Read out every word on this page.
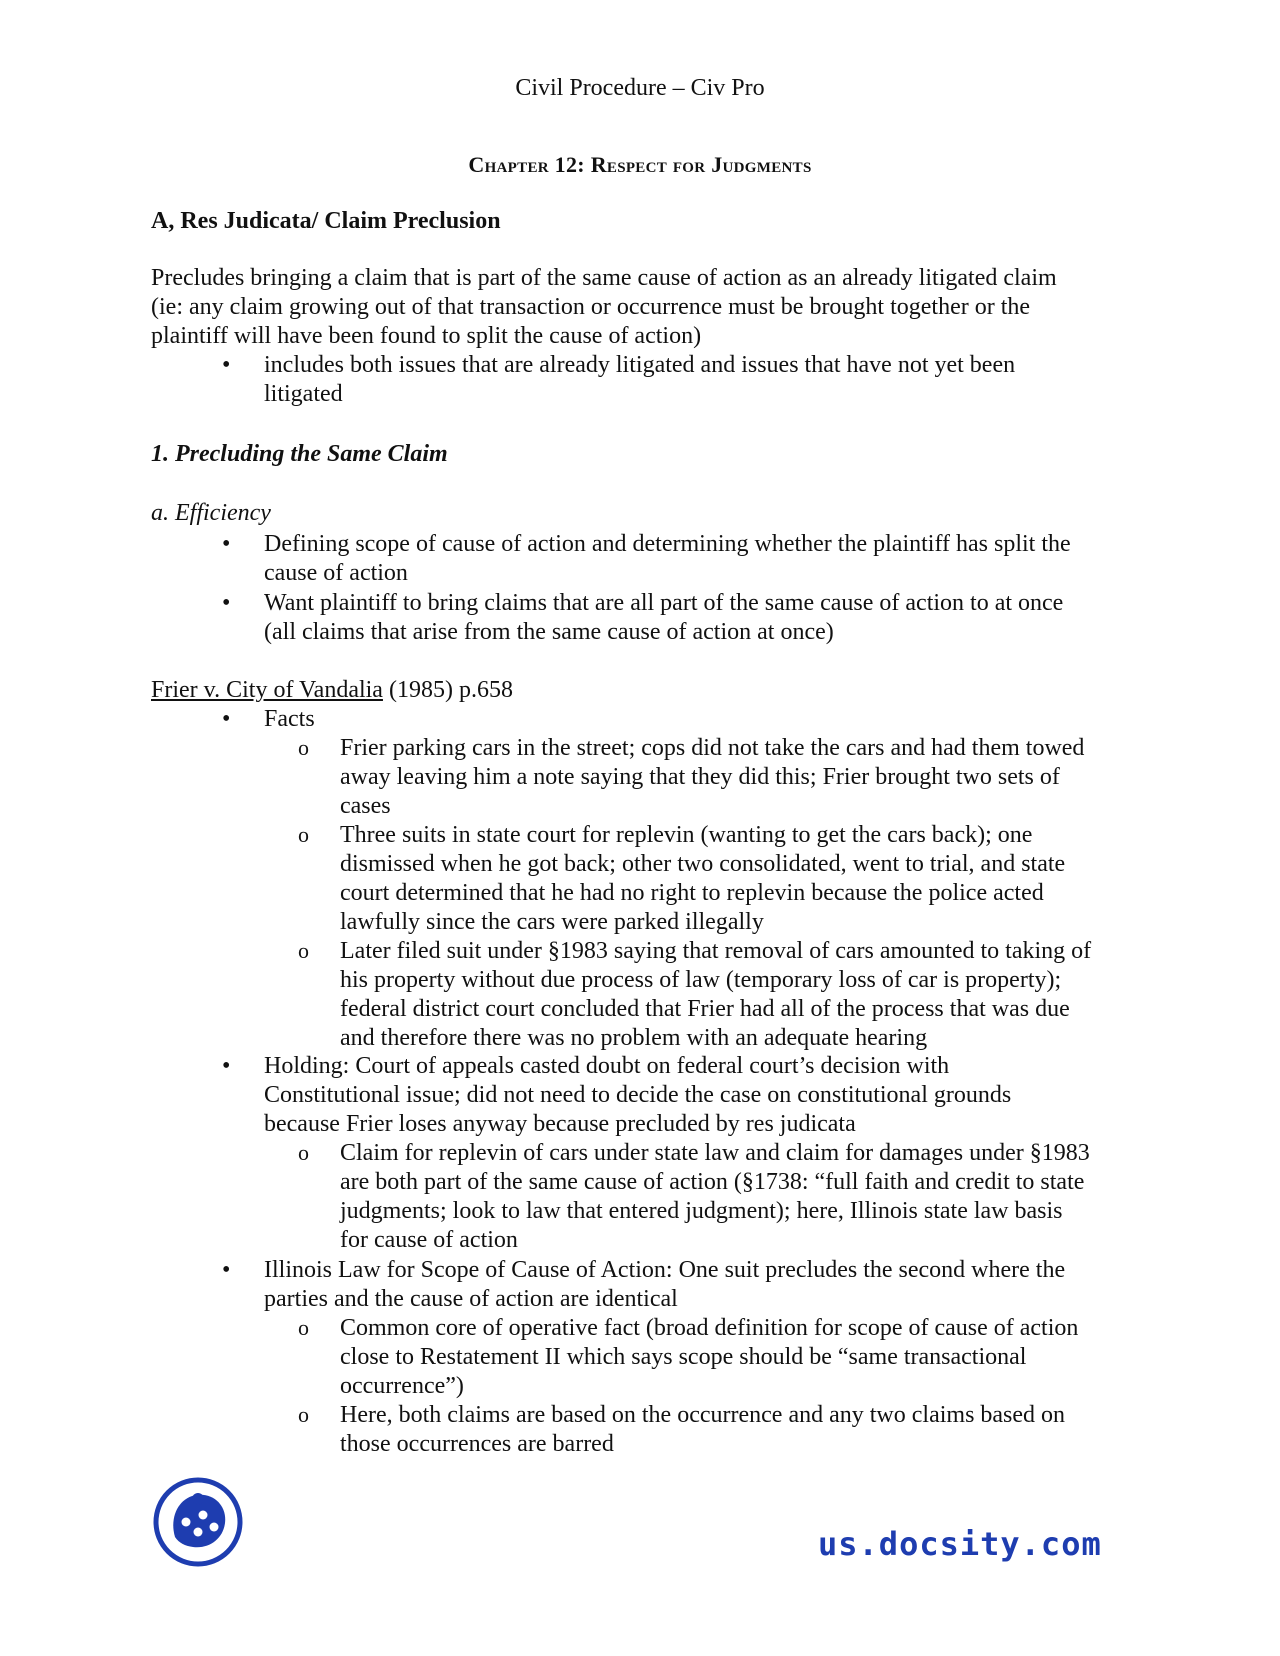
Civil Procedure – Civ Pro
Chapter 12: Respect for Judgments
A, Res Judicata/ Claim Preclusion
Precludes bringing a claim that is part of the same cause of action as an already litigated claim
(ie: any claim growing out of that transaction or occurrence must be brought together or the
plaintiff will have been found to split the cause of action)
• includes both issues that are already litigated and issues that have not yet been
litigated
1. Precluding the Same Claim
a. Efficiency
• Defining scope of cause of action and determining whether the plaintiff has split the
cause of action
• Want plaintiff to bring claims that are all part of the same cause of action to at once
(all claims that arise from the same cause of action at once)
Frier v. City of Vandalia (1985) p.658
• Facts
o Frier parking cars in the street; cops did not take the cars and had them towed
away leaving him a note saying that they did this; Frier brought two sets of
cases
o Three suits in state court for replevin (wanting to get the cars back); one
dismissed when he got back; other two consolidated, went to trial, and state
court determined that he had no right to replevin because the police acted
lawfully since the cars were parked illegally
o Later filed suit under §1983 saying that removal of cars amounted to taking of
his property without due process of law (temporary loss of car is property);
federal district court concluded that Frier had all of the process that was due
and therefore there was no problem with an adequate hearing
• Holding: Court of appeals casted doubt on federal court’s decision with
Constitutional issue; did not need to decide the case on constitutional grounds
because Frier loses anyway because precluded by res judicata
o Claim for replevin of cars under state law and claim for damages under §1983
are both part of the same cause of action (§1738: “full faith and credit to state
judgments; look to law that entered judgment); here, Illinois state law basis
for cause of action
• Illinois Law for Scope of Cause of Action: One suit precludes the second where the
parties and the cause of action are identical
o Common core of operative fact (broad definition for scope of cause of action
close to Restatement II which says scope should be “same transactional
occurrence”)
o Here, both claims are based on the occurrence and any two claims based on
those occurrences are barred
us.docsity.com
